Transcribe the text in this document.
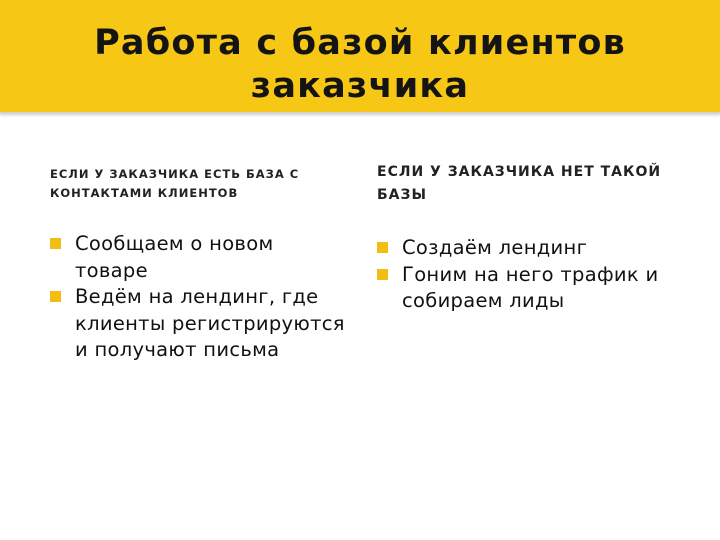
Работа с базой клиентов заказчика

ЕСЛИ У ЗАКАЗЧИКА ЕСТЬ БАЗА С КОНТАКТАМИ КЛИЕНТОВ

Сообщаем о новом товаре
Ведём на лендинг, где клиенты регистрируются и получают письма

ЕСЛИ У ЗАКАЗЧИКА НЕТ ТАКОЙ БАЗЫ

Создаём лендинг
Гоним на него трафик и собираем лиды
